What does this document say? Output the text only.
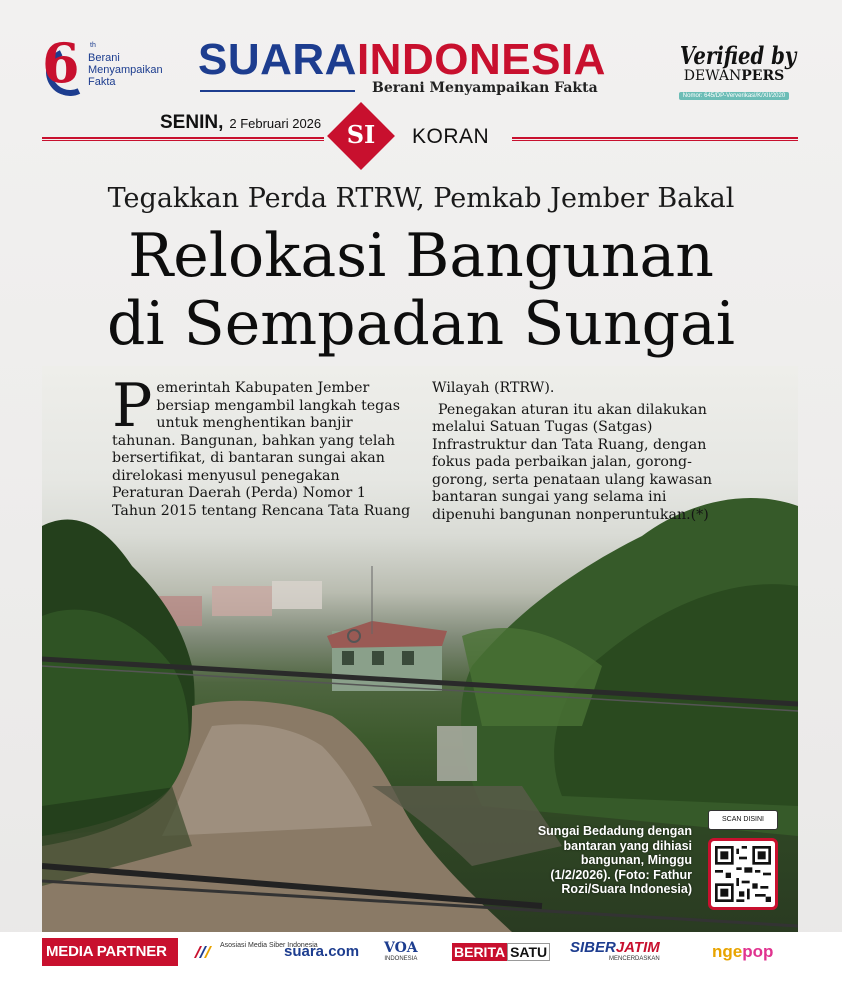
6 th
Berani
Menyampaikan
Fakta	SUARAINDONESIA
Berani Menyampaikan Fakta
Verified by
DEWANPERS
Nomor: 645/DP-Ververikasi/K/XII/2020
SENIN, 2 Februari 2026	SI	KORAN
Tegakkan Perda RTRW, Pemkab Jember Bakal
Relokasi Bangunan
di Sempadan Sungai

Pemerintah Kabupaten Jember bersiap mengambil langkah tegas untuk menghentikan banjir tahunan. Bangunan, bahkan yang telah bersertifikat, di bantaran sungai akan direlokasi menyusul penegakan Peraturan Daerah (Perda) Nomor 1 Tahun 2015 tentang Rencana Tata Ruang

Wilayah (RTRW).

Penegakan aturan itu akan dilakukan melalui Satuan Tugas (Satgas) Infrastruktur dan Tata Ruang, dengan fokus pada perbaikan jalan, gorong-gorong, serta penataan ulang kawasan bantaran sungai yang selama ini dipenuhi bangunan nonperuntukan.(*)

Sungai Bedadung dengan bantaran yang dihiasi bangunan, Minggu (1/2/2026). (Foto: Fathur Rozi/Suara Indonesia)
SCAN DISINI
MEDIA PARTNER	Asosiasi Media Siber Indonesia
suara.com VOA
INDONESIA	BERITA SATU SIBERJATIM
MENCERDASKAN	ngepop
